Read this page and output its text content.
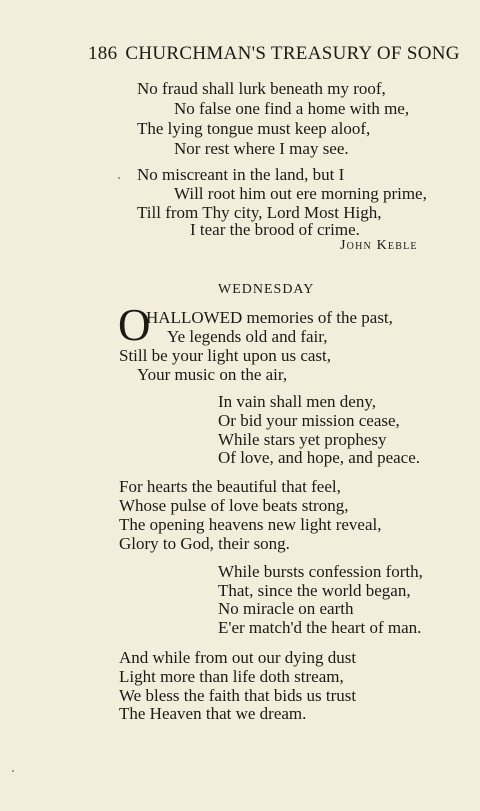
186 CHURCHMAN'S TREASURY OF SONG
No fraud shall lurk beneath my roof,
No false one find a home with me,
The lying tongue must keep aloof,
Nor rest where I may see.
No miscreant in the land, but I
Will root him out ere morning prime,
Till from Thy city, Lord Most High,
I tear the brood of crime.
John Keble
WEDNESDAY
O
HALLOWED memories of the past,
Ye legends old and fair,
Still be your light upon us cast,
Your music on the air,
In vain shall men deny,
Or bid your mission cease,
While stars yet prophesy
Of love, and hope, and peace.
For hearts the beautiful that feel,
Whose pulse of love beats strong,
The opening heavens new light reveal,
Glory to God, their song.
While bursts confession forth,
That, since the world began,
No miracle on earth
E'er match'd the heart of man.
And while from out our dying dust
Light more than life doth stream,
We bless the faith that bids us trust
The Heaven that we dream.
